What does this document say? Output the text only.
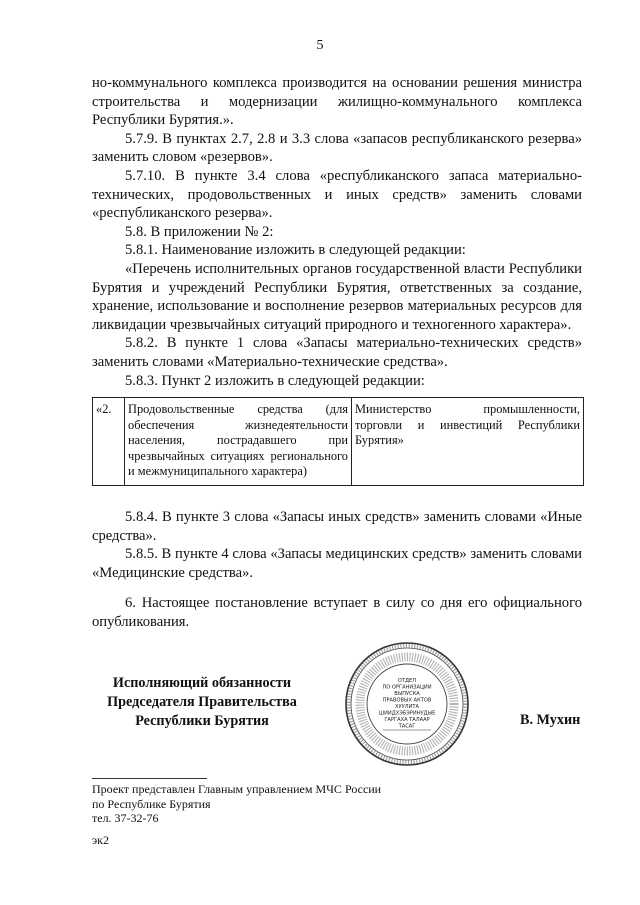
5

но-коммунального комплекса производится на основании решения министра строительства и модернизации жилищно-коммунального комплекса Республики Бурятия.».

5.7.9. В пунктах 2.7, 2.8 и 3.3 слова «запасов республиканского резерва» заменить словом «резервов».

5.7.10. В пункте 3.4 слова «республиканского запаса материально-технических, продовольственных и иных средств» заменить словами «республиканского резерва».

5.8. В приложении № 2:

5.8.1. Наименование изложить в следующей редакции:

«Перечень исполнительных органов государственной власти Республики Бурятия и учреждений Республики Бурятия, ответственных за создание, хранение, использование и восполнение резервов материальных ресурсов для ликвидации чрезвычайных ситуаций природного и техногенного характера».

5.8.2. В пункте 1 слова «Запасы материально-технических средств» заменить словами «Материально-технические средства».

5.8.3. Пункт 2 изложить в следующей редакции:

«2.	Продовольственные средства (для обеспечения жизнедеятельности населения, пострадавшего при чрезвычайных ситуациях регионального и межмуниципального характера)	Министерство промышленности, торговли и инвестиций Республики Бурятия»

5.8.4. В пункте 3 слова «Запасы иных средств» заменить словами «Иные средства».

5.8.5. В пункте 4 слова «Запасы медицинских средств» заменить словами «Медицинские средства».

6. Настоящее постановление вступает в силу со дня его официального опубликования.

Исполняющий обязанности
Председателя Правительства
Республики Бурятия
ОТДЕЛ
ПО ОРГАНИЗАЦИИ
ВЫПУСКА
ПРАВОВЫХ АКТОВ
ХУУЛИТА
ШИИДХЭБЭРИНУДЫЕ
ГАРГАХА ТАЛААР
ТАСАГ	В. Мухин
Проект представлен Главным управлением МЧС России
по Республике Бурятия
тел. 37-32-76
эк2
